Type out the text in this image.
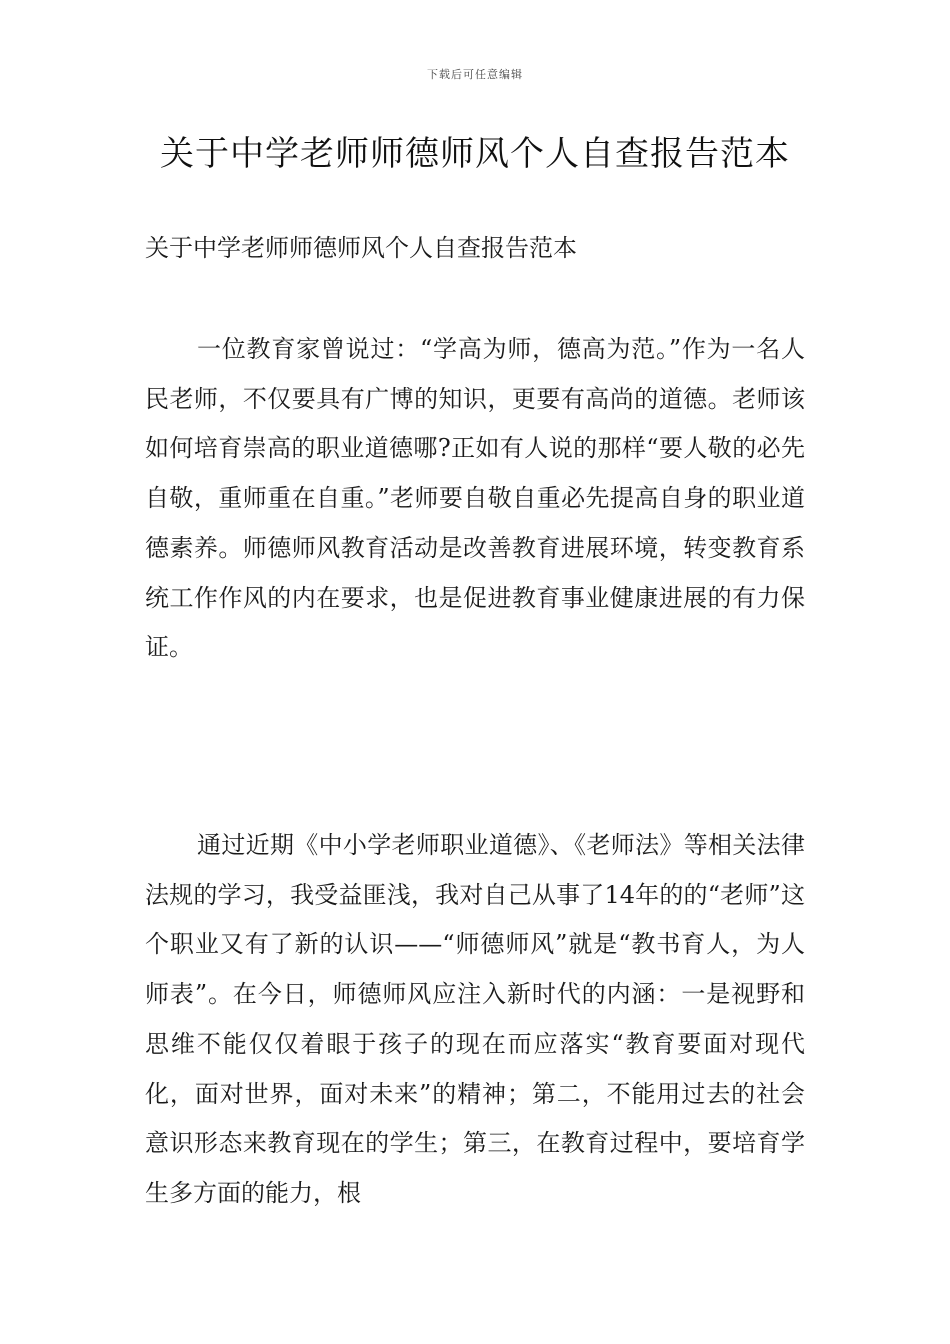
下载后可任意编辑
关于中学老师师德师风个人自查报告范本
关于中学老师师德师风个人自查报告范本

一位教育家曾说过：“学高为师，德高为范。”作为一名人民老师，不仅要具有广博的知识，更要有高尚的道德。老师该如何培育崇高的职业道德哪?正如有人说的那样“要人敬的必先自敬，重师重在自重。”老师要自敬自重必先提高自身的职业道德素养。师德师风教育活动是改善教育进展环境，转变教育系统工作作风的内在要求，也是促进教育事业健康进展的有力保证。

通过近期《中小学老师职业道德》、《老师法》等相关法律法规的学习，我受益匪浅，我对自己从事了14年的的“老师”这个职业又有了新的认识——“师德师风”就是“教书育人，为人师表”。在今日，师德师风应注入新时代的内涵：一是视野和思维不能仅仅着眼于孩子的现在而应落实“教育要面对现代化，面对世界，面对未来”的精神；第二，不能用过去的社会意识形态来教育现在的学生；第三，在教育过程中，要培育学生多方面的能力，根
